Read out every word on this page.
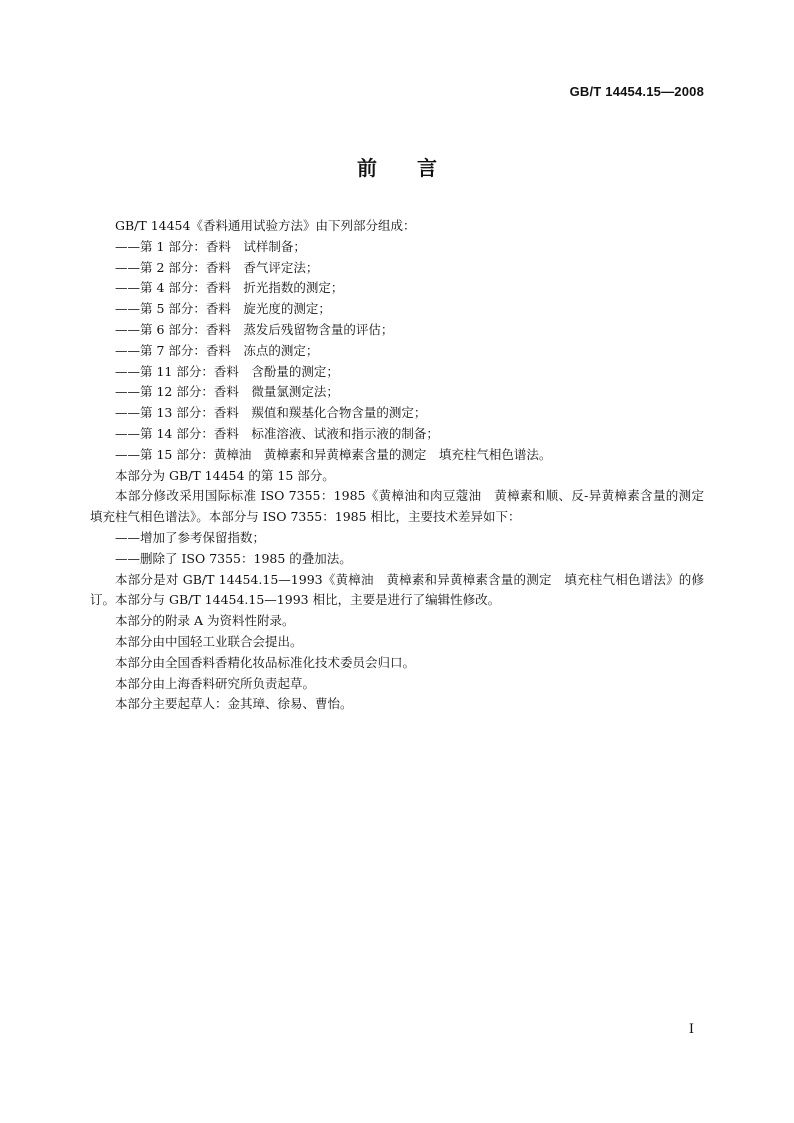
GB/T 14454.15—2008
前 言

GB/T 14454《香料通用试验方法》由下列部分组成：

——第 1 部分：香料　试样制备；
——第 2 部分：香料　香气评定法；
——第 4 部分：香料　折光指数的测定；
——第 5 部分：香料　旋光度的测定；
——第 6 部分：香料　蒸发后残留物含量的评估；
——第 7 部分：香料　冻点的测定；
——第 11 部分：香料　含酚量的测定；
——第 12 部分：香料　微量氯测定法；
——第 13 部分：香料　羰值和羰基化合物含量的测定；
——第 14 部分：香料　标准溶液、试液和指示液的制备；
——第 15 部分：黄樟油　黄樟素和异黄樟素含量的测定　填充柱气相色谱法。

本部分为 GB/T 14454 的第 15 部分。

本部分修改采用国际标准 ISO 7355：1985《黄樟油和肉豆蔻油　黄樟素和顺、反-异黄樟素含量的测定　填充柱气相色谱法》。本部分与 ISO 7355：1985 相比，主要技术差异如下：

——增加了参考保留指数；
——删除了 ISO 7355：1985 的叠加法。

本部分是对 GB/T 14454.15—1993《黄樟油　黄樟素和异黄樟素含量的测定　填充柱气相色谱法》的修订。本部分与 GB/T 14454.15—1993 相比，主要是进行了编辑性修改。

本部分的附录 A 为资料性附录。

本部分由中国轻工业联合会提出。

本部分由全国香料香精化妆品标准化技术委员会归口。

本部分由上海香料研究所负责起草。

本部分主要起草人：金其璋、徐易、曹怡。

I
